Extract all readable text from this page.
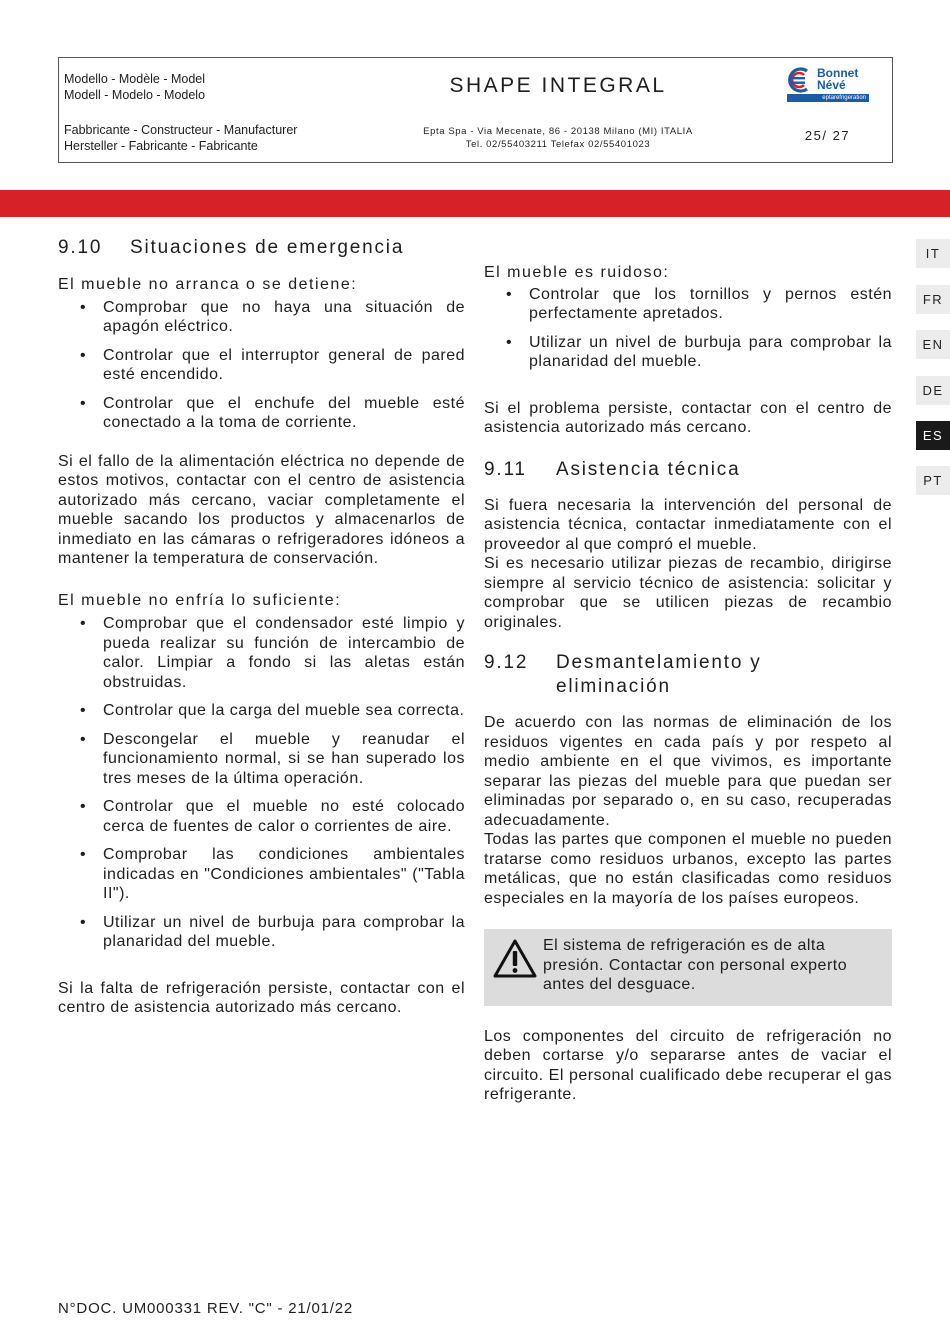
Modello - Modèle - Model
Modell - Modelo - Modelo	SHAPE INTEGRAL
Bonnet
Névé
eptarefrigeration
Fabbricante - Constructeur - Manufacturer
Hersteller - Fabricante - Fabricante
Epta Spa - Via Mecenate, 86 - 20138 Milano (MI) ITALIA
Tel. 02/55403211 Telefax 02/55401023
25/ 27
IT
FR
EN
DE
ES
PT
9.10	Situaciones de emergencia
El mueble no arranca o se detiene:
• Comprobar que no haya una situación de apagón eléctrico.
• Controlar que el interruptor general de pared esté encendido.
• Controlar que el enchufe del mueble esté conectado a la toma de corriente.

Si el fallo de la alimentación eléctrica no depende de estos motivos, contactar con el centro de asistencia autorizado más cercano, vaciar completamente el mueble sacando los productos y almacenarlos de inmediato en las cámaras o refrigeradores idóneos a mantener la temperatura de conservación.

El mueble no enfría lo suficiente:
• Comprobar que el condensador esté limpio y pueda realizar su función de intercambio de calor. Limpiar a fondo si las aletas están obstruidas.
• Controlar que la carga del mueble sea correcta.
• Descongelar el mueble y reanudar el funcionamiento normal, si se han superado los tres meses de la última operación.
• Controlar que el mueble no esté colocado cerca de fuentes de calor o corrientes de aire.
• Comprobar las condiciones ambientales indicadas en "Condiciones ambientales" ("Tabla II").
• Utilizar un nivel de burbuja para comprobar la planaridad del mueble.

Si la falta de refrigeración persiste, contactar con el centro de asistencia autorizado más cercano.

El mueble es ruidoso:
• Controlar que los tornillos y pernos estén perfectamente apretados.
• Utilizar un nivel de burbuja para comprobar la planaridad del mueble.

Si el problema persiste, contactar con el centro de asistencia autorizado más cercano.

9.11	Asistencia técnica

Si fuera necesaria la intervención del personal de asistencia técnica, contactar inmediatamente con el proveedor al que compró el mueble.

Si es necesario utilizar piezas de recambio, dirigirse siempre al servicio técnico de asistencia: solicitar y comprobar que se utilicen piezas de recambio originales.

9.12	Desmantelamiento y
eliminación

De acuerdo con las normas de eliminación de los residuos vigentes en cada país y por respeto al medio ambiente en el que vivimos, es importante separar las piezas del mueble para que puedan ser eliminadas por separado o, en su caso, recuperadas adecuadamente.

Todas las partes que componen el mueble no pueden tratarse como residuos urbanos, excepto las partes metálicas, que no están clasificadas como residuos especiales en la mayoría de los países europeos.

El sistema de refrigeración es de alta presión. Contactar con personal experto antes del desguace.

Los componentes del circuito de refrigeración no deben cortarse y/o separarse antes de vaciar el circuito. El personal cualificado debe recuperar el gas refrigerante.

N°DOC. UM000331 REV. "C" - 21/01/22
